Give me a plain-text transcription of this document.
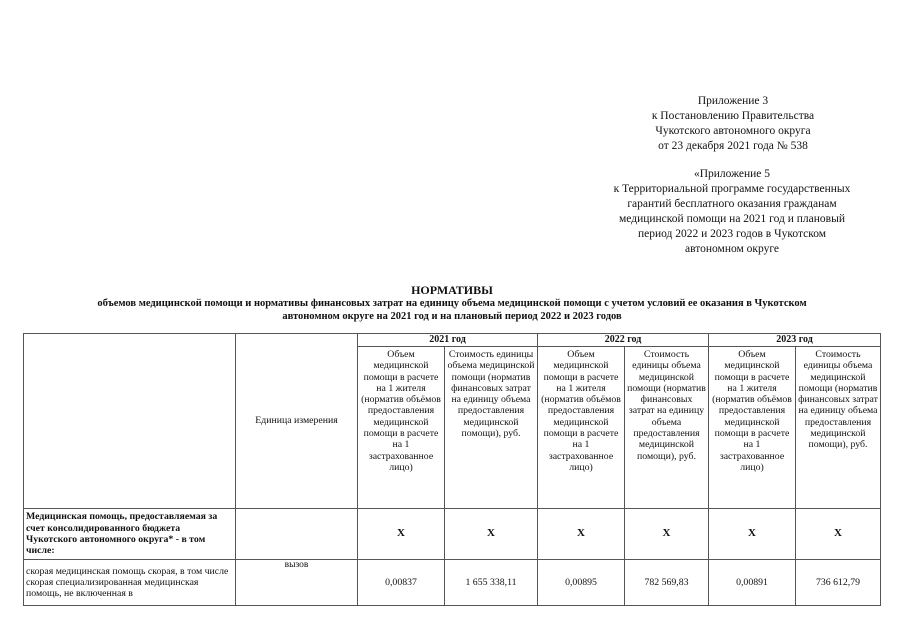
Приложение 3
к Постановлению Правительства
Чукотского автономного округа
от 23 декабря 2021 года № 538
«Приложение 5
к Территориальной программе государственных
гарантий бесплатного оказания гражданам
медицинской помощи на 2021 год и плановый
период 2022 и 2023 годов в Чукотском
автономном округе
НОРМАТИВЫ
объемов медицинской помощи и нормативы финансовых затрат на единицу объема медицинской помощи с учетом условий ее оказания в Чукотском
автономном округе на 2021 год и на плановый период 2022 и 2023 годов
	Единица измерения	2021 год		2022 год		2023 год	
		Объем медицинской помощи в расчете на 1 жителя (норматив объёмов предоставления медицинской помощи в расчете на 1 застрахованное лицо)	Стоимость единицы объема медицинской помощи (норматив финансовых затрат на единицу объема предоставления медицинской помощи), руб.	Объем медицинской помощи в расчете на 1 жителя (норматив объёмов предоставления медицинской помощи в расчете на 1 застрахованное лицо)	Стоимость единицы объема медицинской помощи (норматив финансовых затрат на единицу объема предоставления медицинской помощи), руб.	Объем медицинской помощи в расчете на 1 жителя (норматив объёмов предоставления медицинской помощи в расчете на 1 застрахованное лицо)	Стоимость единицы объема медицинской помощи (норматив финансовых затрат на единицу объема предоставления медицинской помощи), руб.
Медицинская помощь, предоставляемая за счет консолидированного бюджета Чукотского автономного округа* - в том числе:		X	X	X	X	X	X
скорая медицинская помощь скорая, в том числе скорая специализированная медицинская помощь, не включенная в	вызов	0,00837	1 655 338,11	0,00895	782 569,83	0,00891	736 612,79
